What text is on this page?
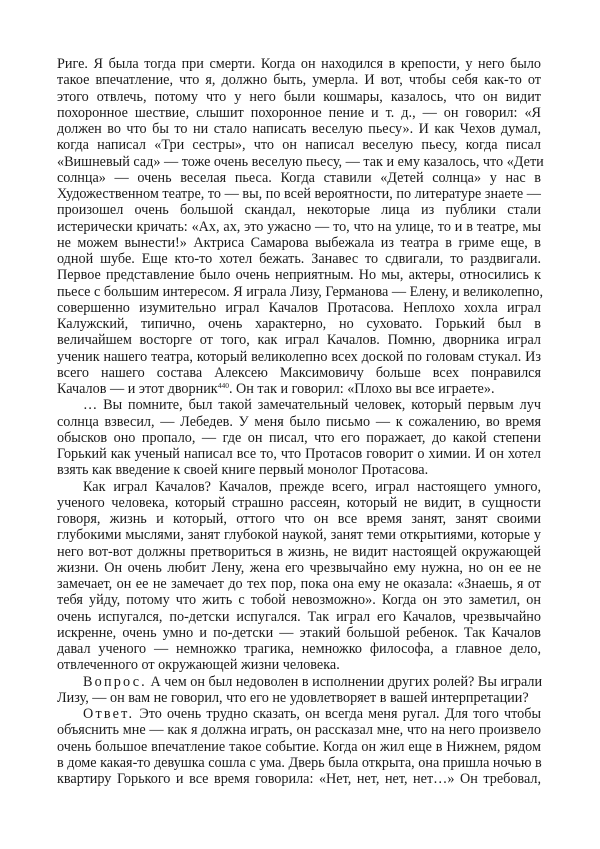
Риге. Я была тогда при смерти. Когда он находился в крепости, у него было
такое впечатление, что я, должно быть, умерла. И вот, чтобы себя как-то от
этого отвлечь, потому что у него были кошмары, казалось, что он видит
похоронное шествие, слышит похоронное пение и т. д., — он говорил: «Я
должен во что бы то ни стало написать веселую пьесу». И как Чехов думал,
когда написал «Три сестры», что он написал веселую пьесу, когда писал
«Вишневый сад» — тоже очень веселую пьесу, — так и ему казалось, что «Дети
солнца» — очень веселая пьеса. Когда ставили «Детей солнца» у нас в
Художественном театре, то — вы, по всей вероятности, по литературе знаете —
произошел очень большой скандал, некоторые лица из публики стали
истерически кричать: «Ах, ах, это ужасно — то, что на улице, то и в театре, мы
не можем вынести!» Актриса Самарова выбежала из театра в гриме еще, в
одной шубе. Еще кто-то хотел бежать. Занавес то сдвигали, то раздвигали.
Первое представление было очень неприятным. Но мы, актеры, относились к
пьесе с большим интересом. Я играла Лизу, Германова — Елену, и великолепно,
совершенно изумительно играл Качалов Протасова. Неплохо хохла играл
Калужский, типично, очень характерно, но суховато. Горький был в
величайшем восторге от того, как играл Качалов. Помню, дворника играл
ученик нашего театра, который великолепно всех доской по головам стукал. Из
всего нашего состава Алексею Максимовичу больше всех понравился
Качалов — и этот дворник$^{440}$. Он так и говорил: «Плохо вы все играете».
… Вы помните, был такой замечательный человек, который первым луч
солнца взвесил, — Лебедев. У меня было письмо — к сожалению, во время
обысков оно пропало, — где он писал, что его поражает, до какой степени
Горький как ученый написал все то, что Протасов говорит о химии. И он хотел
взять как введение к своей книге первый монолог Протасова.
Как играл Качалов? Качалов, прежде всего, играл настоящего умного,
ученого человека, который страшно рассеян, который не видит, в сущности
говоря, жизнь и который, оттого что он все время занят, занят своими
глубокими мыслями, занят глубокой наукой, занят теми открытиями, которые у
него вот-вот должны претвориться в жизнь, не видит настоящей окружающей
жизни. Он очень любит Лену, жена его чрезвычайно ему нужна, но он ее не
замечает, он ее не замечает до тех пор, пока она ему не оказала: «Знаешь, я от
тебя уйду, потому что жить с тобой невозможно». Когда он это заметил, он
очень испугался, по-детски испугался. Так играл его Качалов, чрезвычайно
искренне, очень умно и по-детски — этакий большой ребенок. Так Качалов
давал ученого — немножко трагика, немножко философа, а главное дело,
отвлеченного от окружающей жизни человека.
Вопрос. А чем он был недоволен в исполнении других ролей? Вы играли
Лизу, — он вам не говорил, что его не удовлетворяет в вашей интерпретации?
Ответ. Это очень трудно сказать, он всегда меня ругал. Для того чтобы
объяснить мне — как я должна играть, он рассказал мне, что на него произвело
очень большое впечатление такое событие. Когда он жил еще в Нижнем, рядом
в доме какая-то девушка сошла с ума. Дверь была открыта, она пришла ночью в
квартиру Горького и все время говорила: «Нет, нет, нет, нет…» Он требовал,
